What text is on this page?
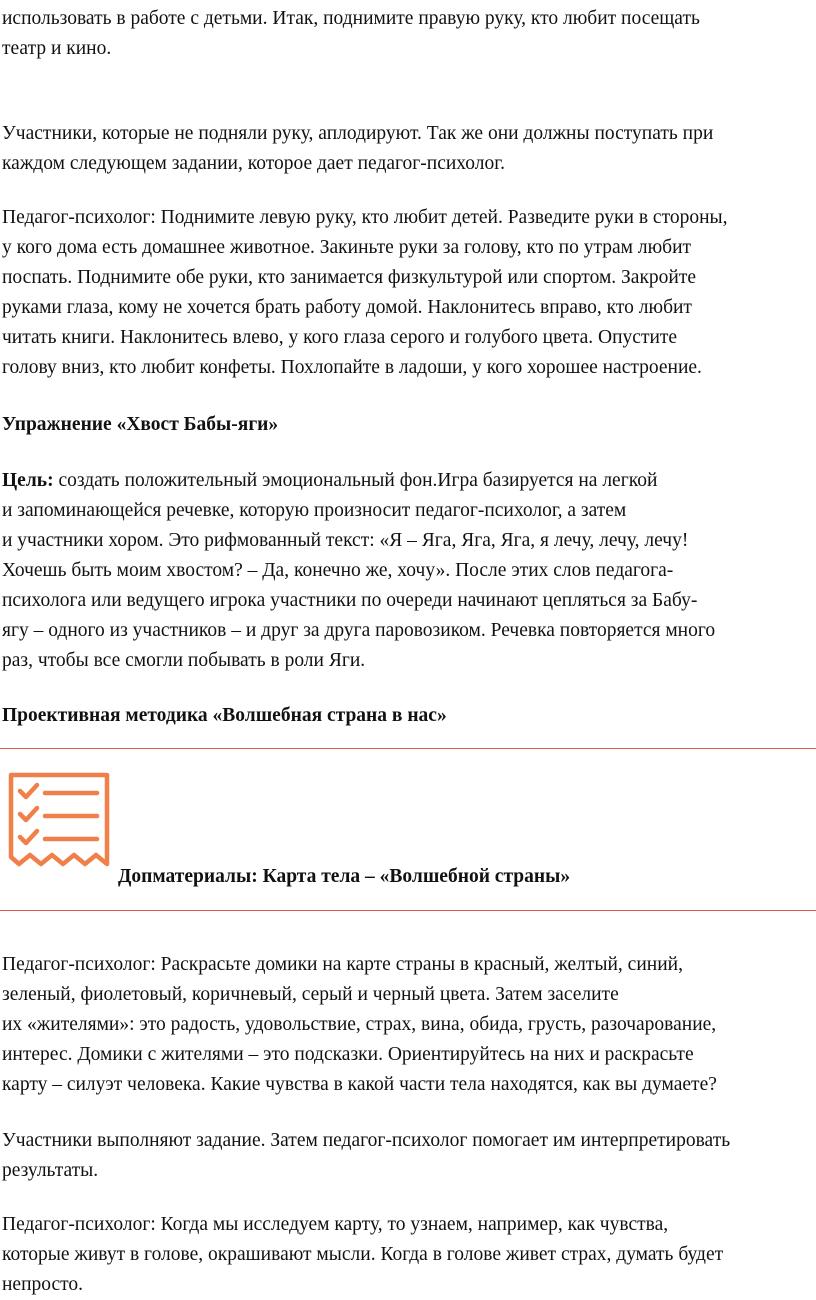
использовать в работе с детьми. Итак, поднимите правую руку, кто любит посещать
театр и кино.

Участники, которые не подняли руку, аплодируют. Так же они должны поступать при
каждом следующем задании, которое дает педагог-психолог.

Педагог-психолог: Поднимите левую руку, кто любит детей. Разведите руки в стороны,
у кого дома есть домашнее животное. Закиньте руки за голову, кто по утрам любит
поспать. Поднимите обе руки, кто занимается физкультурой или спортом. Закройте
руками глаза, кому не хочется брать работу домой. Наклонитесь вправо, кто любит
читать книги. Наклонитесь влево, у кого глаза серого и голубого цвета. Опустите
голову вниз, кто любит конфеты. Похлопайте в ладоши, у кого хорошее настроение.

Упражнение «Хвост Бабы-яги»

Цель: создать положительный эмоциональный фон.Игра базируется на легкой
и запоминающейся речевке, которую произносит педагог-психолог, а затем
и участники хором. Это рифмованный текст: «Я – Яга, Яга, Яга, я лечу, лечу, лечу!
Хочешь быть моим хвостом? – Да, конечно же, хочу». После этих слов педагога-
психолога или ведущего игрока участники по очереди начинают цепляться за Бабу-
ягу – одного из участников – и друг за друга паровозиком. Речевка повторяется много
раз, чтобы все смогли побывать в роли Яги.

Проективная методика «Волшебная страна в нас»

Допматериалы: Карта тела – «Волшебной страны»

Педагог-психолог: Раскрасьте домики на карте страны в красный, желтый, синий,
зеленый, фиолетовый, коричневый, серый и черный цвета. Затем заселите
их «жителями»: это радость, удовольствие, страх, вина, обида, грусть, разочарование,
интерес. Домики с жителями – это подсказки. Ориентируйтесь на них и раскрасьте
карту – силуэт человека. Какие чувства в какой части тела находятся, как вы думаете?

Участники выполняют задание. Затем педагог-психолог помогает им интерпретировать
результаты.

Педагог-психолог: Когда мы исследуем карту, то узнаем, например, как чувства,
которые живут в голове, окрашивают мысли. Когда в голове живет страх, думать будет
непросто.
